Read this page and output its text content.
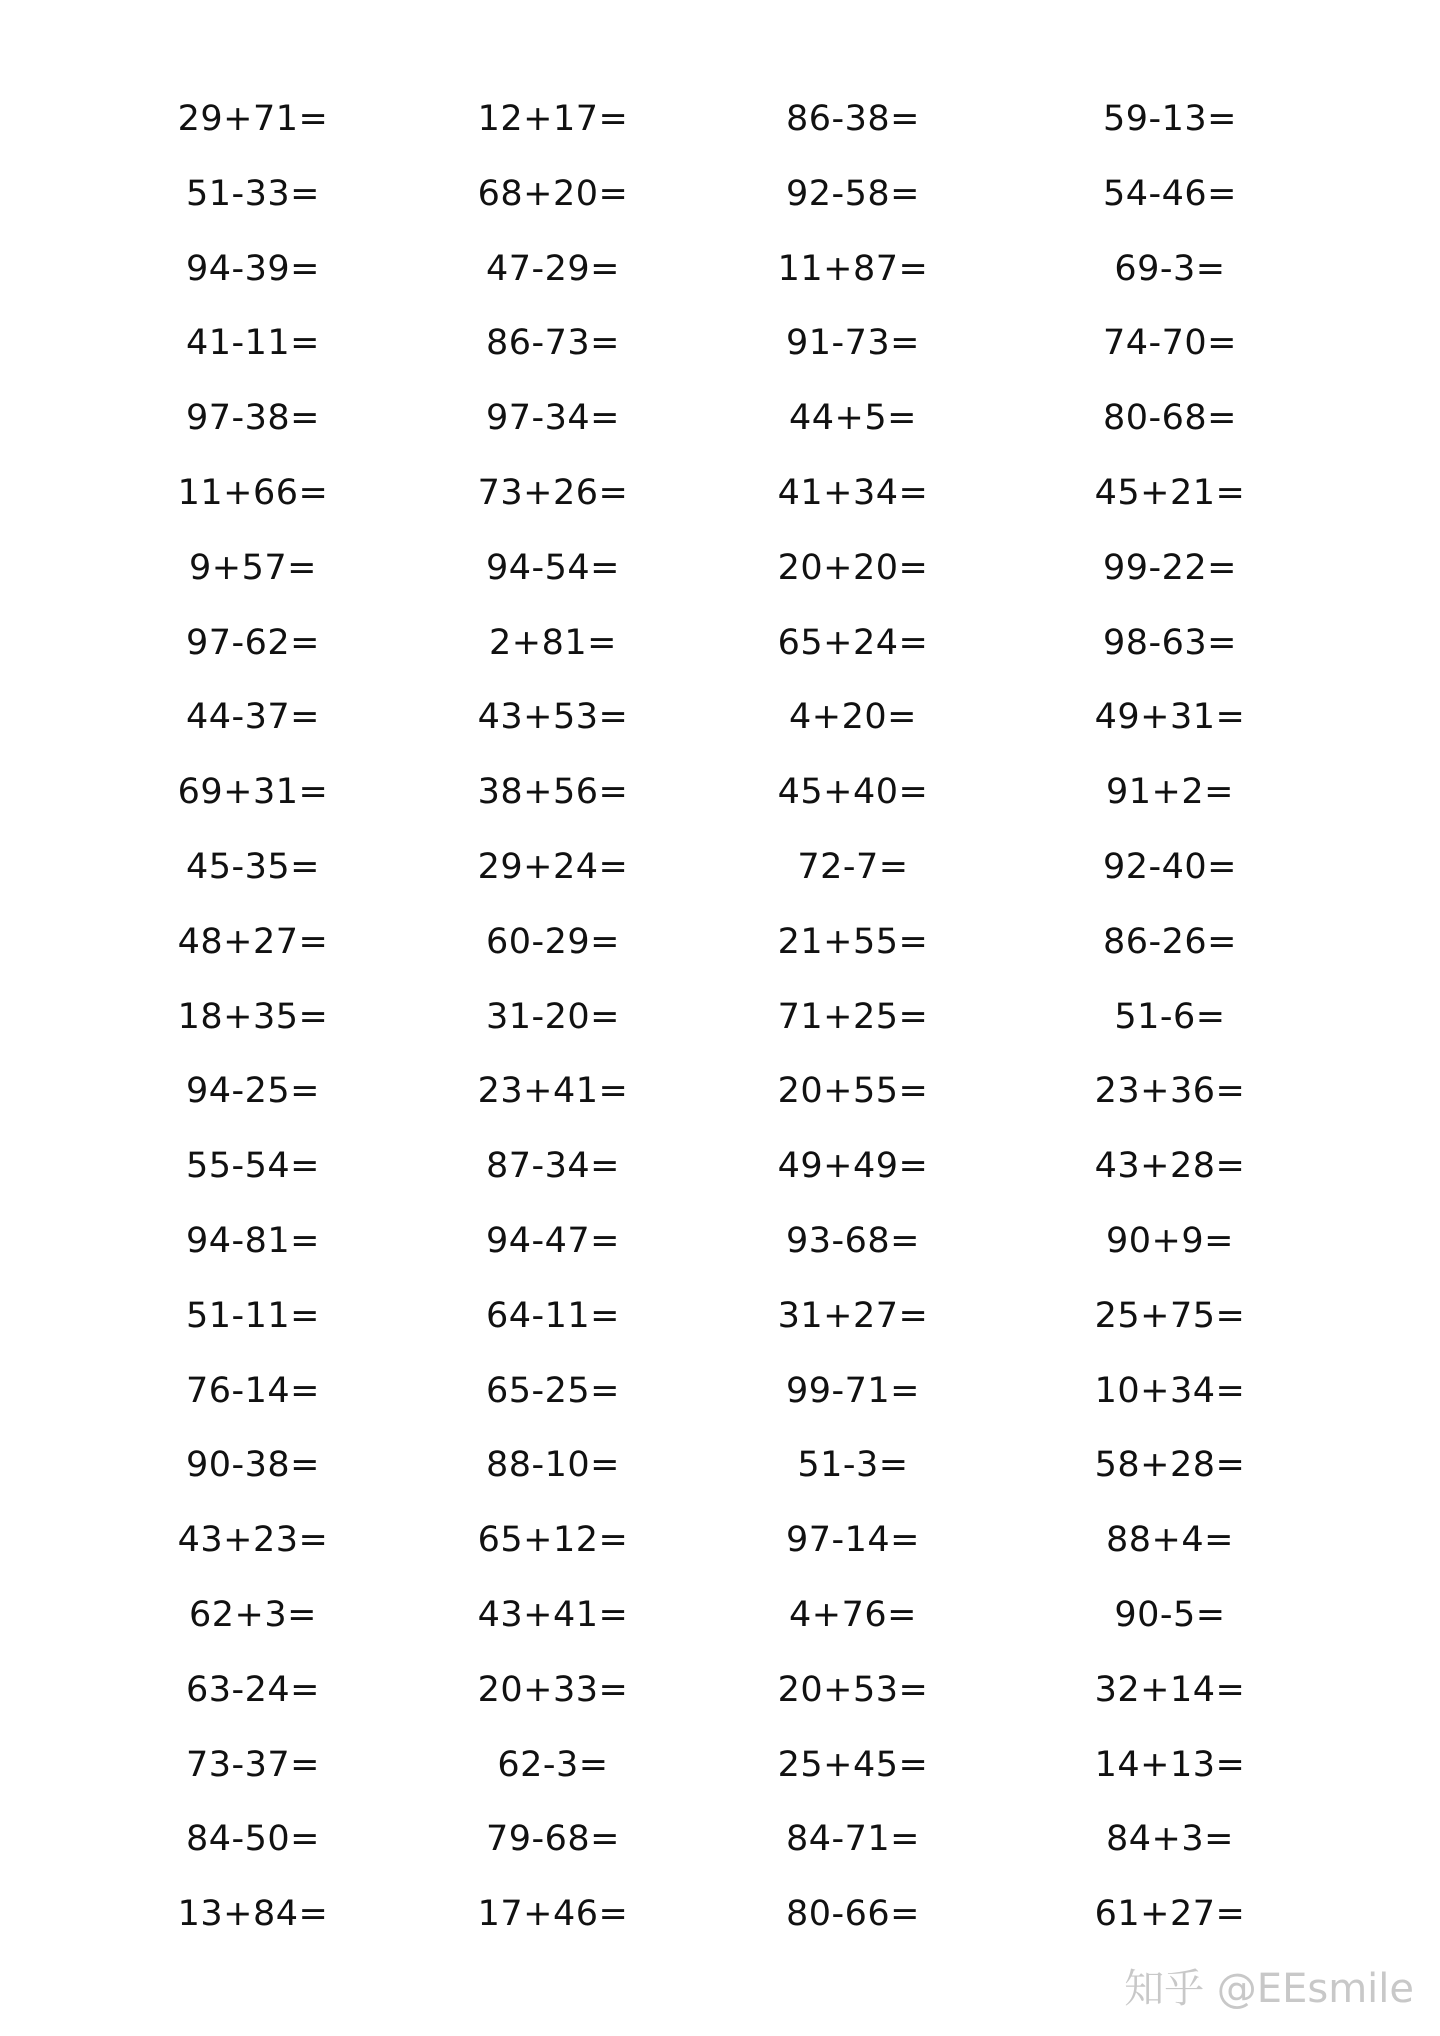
29+71=	12+17=	86-38=	59-13=
51-33=	68+20=	92-58=	54-46=
94-39=	47-29=	11+87=	69-3=
41-11=	86-73=	91-73=	74-70=
97-38=	97-34=	44+5=	80-68=
11+66=	73+26=	41+34=	45+21=
9+57=	94-54=	20+20=	99-22=
97-62=	2+81=	65+24=	98-63=
44-37=	43+53=	4+20=	49+31=
69+31=	38+56=	45+40=	91+2=
45-35=	29+24=	72-7=	92-40=
48+27=	60-29=	21+55=	86-26=
18+35=	31-20=	71+25=	51-6=
94-25=	23+41=	20+55=	23+36=
55-54=	87-34=	49+49=	43+28=
94-81=	94-47=	93-68=	90+9=
51-11=	64-11=	31+27=	25+75=
76-14=	65-25=	99-71=	10+34=
90-38=	88-10=	51-3=	58+28=
43+23=	65+12=	97-14=	88+4=
62+3=	43+41=	4+76=	90-5=
63-24=	20+33=	20+53=	32+14=
73-37=	62-3=	25+45=	14+13=
84-50=	79-68=	84-71=	84+3=
13+84=	17+46=	80-66=	61+27=
知乎 @EEsmile
